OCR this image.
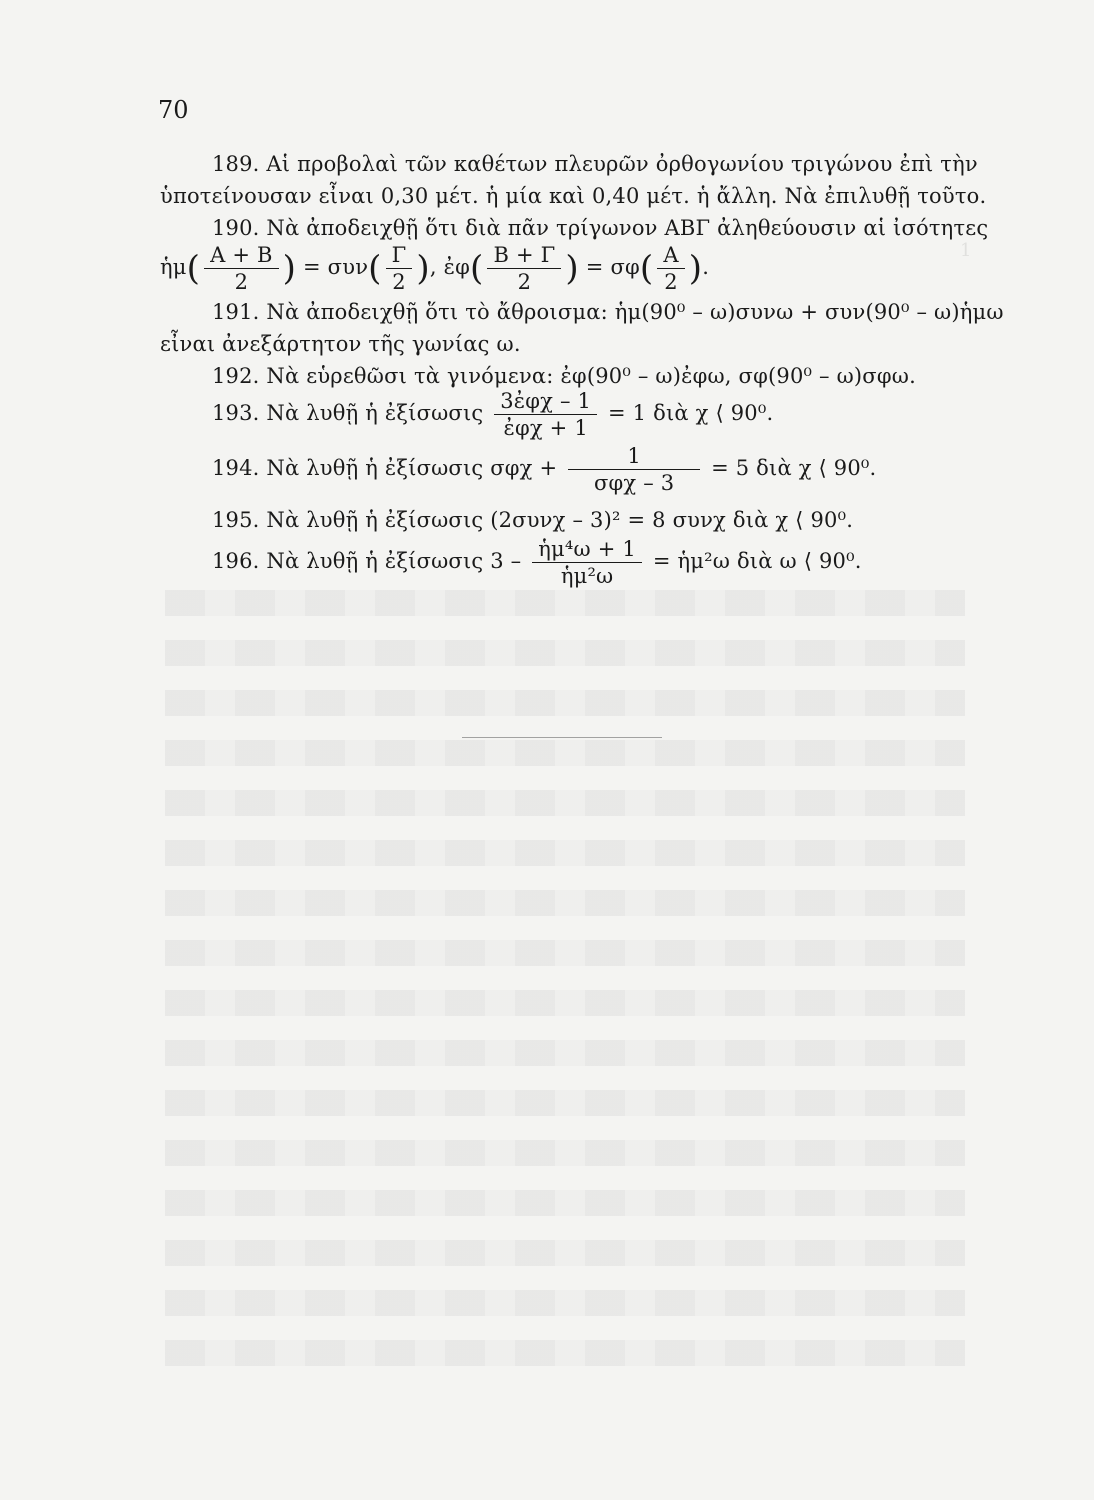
1
70
189. Αἱ προβολαὶ τῶν καθέτων πλευρῶν ὀρθογωνίου τριγώνου ἐπὶ τὴν
ὑποτείνουσαν εἶναι 0,30 μέτ. ἡ μία καὶ 0,40 μέτ. ἡ ἄλλη. Νὰ ἐπιλυθῇ τοῦτο.
190. Νὰ ἀποδειχθῇ ὅτι διὰ πᾶν τρίγωνον ΑΒΓ ἀληθεύουσιν αἱ ἰσότητες
ἡμ( $\frac{A + B}{2}$ ) = $\sigma\upsilon\nu( \frac{\Gamma}{2}$ ), ἐφ( $\frac{B + \Gamma}{2}$ ) = $\sigma\varphi( \frac{A}{2}$ ).
191. Νὰ ἀποδειχθῇ ὅτι τὸ ἄθροισμα: ἡμ(90⁰ – ω)συνω + συν(90⁰ – ω)ἡμω
εἶναι ἀνεξάρτητον τῆς γωνίας ω.
192. Νὰ εὑρεθῶσι τὰ γινόμενα: ἐφ(90⁰ – ω)ἐφω, σφ(90⁰ – ω)σφω.
193. Νὰ λυθῇ ἡ ἐξίσωσις $\frac{\text{3ἐφχ – 1}}{\text{ἐφχ + 1}} = 1$ διὰ χ ⟨ 90⁰.
194. Νὰ λυθῇ ἡ ἐξίσωσις $\sigma\varphi\chi + \frac{1}{\text{σφχ – 3}} = 5$ διὰ χ ⟨ 90⁰.
195. Νὰ λυθῇ ἡ ἐξίσωσις (2συνχ – 3)² = 8 συνχ διὰ χ ⟨ 90⁰.
196. Νὰ λυθῇ ἡ ἐξίσωσις $3 - \frac{\text{ἡμ⁴ω + 1}}{\text{ἡμ²ω}}$ = ἡμ²ω διὰ ω ⟨ 90⁰.
